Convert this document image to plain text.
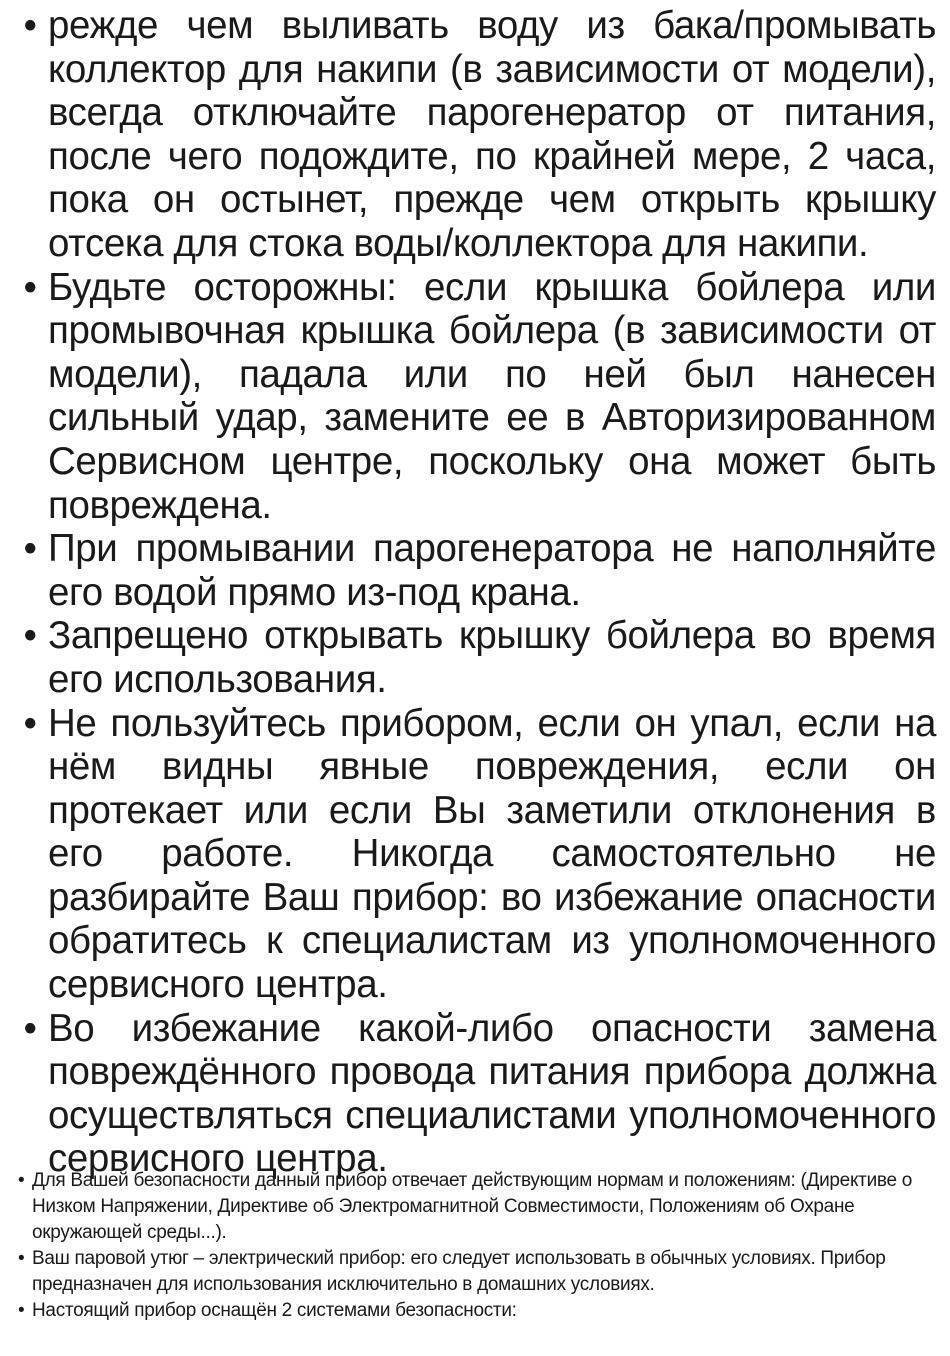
• режде чем выливать воду из бака/промывать коллектор для накипи (в зависимости от модели), всегда отключайте парогенератор от питания, после чего подождите, по крайней мере, 2 часа, пока он остынет, прежде чем открыть крышку отсека для стока воды/коллектора для накипи.
• Будьте осторожны: если крышка бойлера или промывочная крышка бойлера (в зависимости от модели), падала или по ней был нанесен сильный удар, замените ее в Авторизированном Сервисном центре, поскольку она может быть повреждена.
• При промывании парогенератора не наполняйте его водой прямо из-под крана.
• Запрещено открывать крышку бойлера во время его использования.
• Не пользуйтесь прибором, если он упал, если на нём видны явные повреждения, если он протекает или если Вы заметили отклонения в его работе. Никогда самостоятельно не разбирайте Ваш прибор: во избежание опасности обратитесь к специалистам из уполномоченного сервисного центра.
• Во избежание какой-либо опасности замена повреждённого провода питания прибора должна осуществляться специалистами уполномоченного сервисного центра.
• Для Вашей безопасности данный прибор отвечает действующим нормам и положениям: (Директиве о Низком Напряжении, Директиве об Электромагнитной Совместимости, Положениям об Охране окружающей среды...).
• Ваш паровой утюг – электрический прибор: его следует использовать в обычных условиях. Прибор предназначен для использования исключительно в домашних условиях.
• Настоящий прибор оснащён 2 системами безопасности:
